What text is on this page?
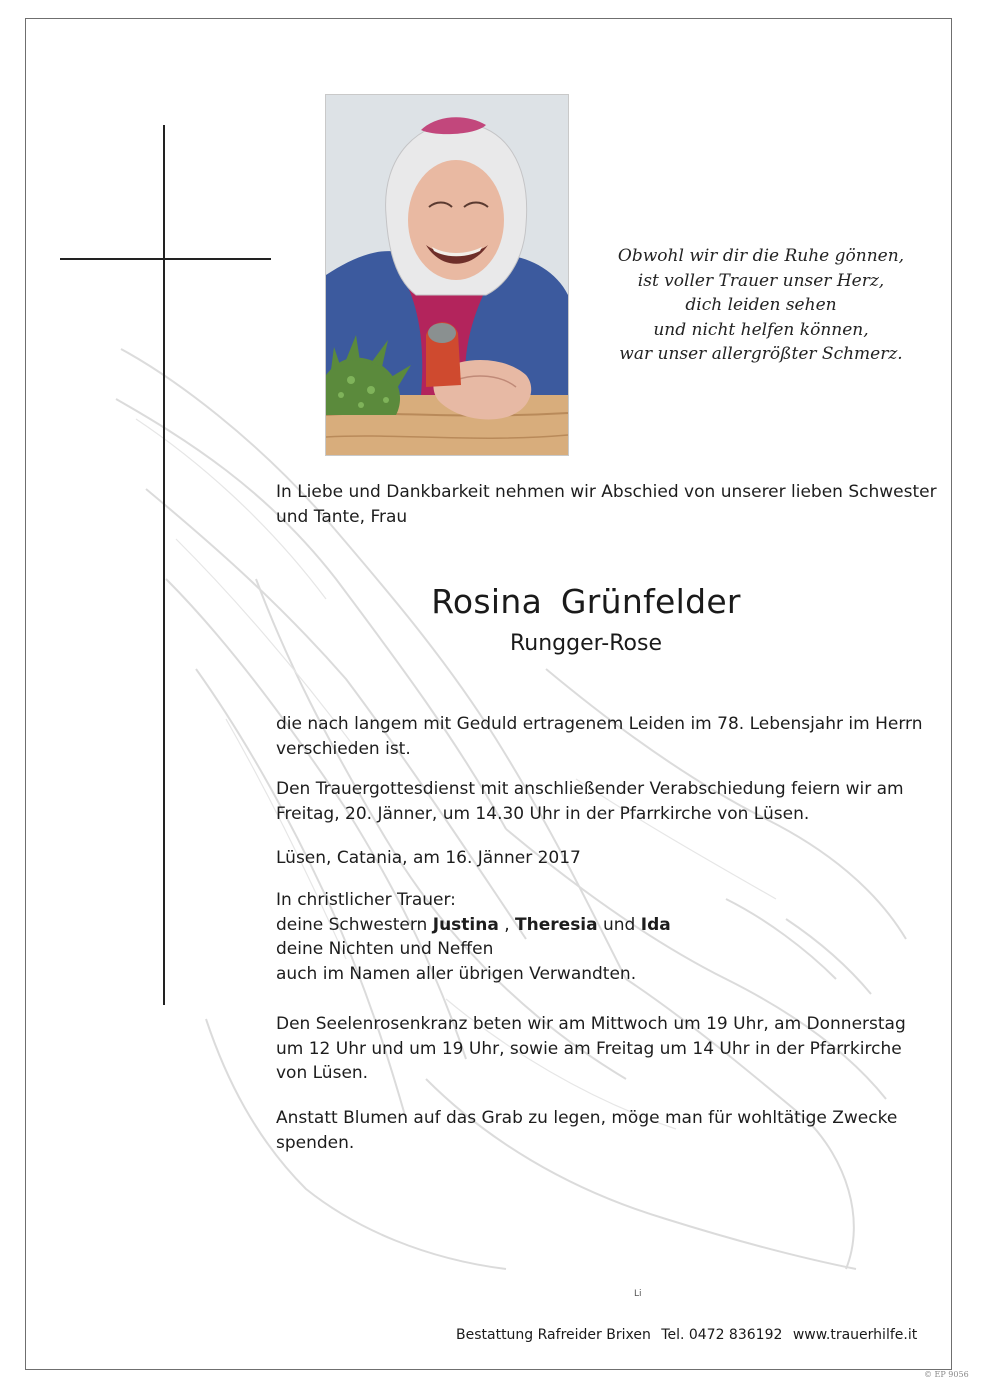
Obwohl wir dir die Ruhe gönnen,
ist voller Trauer unser Herz,
dich leiden sehen
und nicht helfen können,
war unser allergrößter Schmerz.
In Liebe und Dankbarkeit nehmen wir Abschied von unserer lieben Schwester
und Tante, Frau
Rosina Grünfelder
Rungger-Rose
die nach langem mit Geduld ertragenem Leiden im 78. Lebensjahr im Herrn
verschieden ist.
Den Trauergottesdienst mit anschließender Verabschiedung feiern wir am
Freitag, 20. Jänner, um 14.30 Uhr in der Pfarrkirche von Lüsen.
Lüsen, Catania, am 16. Jänner 2017
In christlicher Trauer:
deine Schwestern Justina , Theresia und Ida
deine Nichten und Neffen
auch im Namen aller übrigen Verwandten.
Den Seelenrosenkranz beten wir am Mittwoch um 19 Uhr, am Donnerstag
um 12 Uhr und um 19 Uhr, sowie am Freitag um 14 Uhr in der Pfarrkirche
von Lüsen.
Anstatt Blumen auf das Grab zu legen, möge man für wohltätige Zwecke
spenden.
Li
Bestattung Rafreider Brixen Tel. 0472 836192 www.trauerhilfe.it
© EP 9056
